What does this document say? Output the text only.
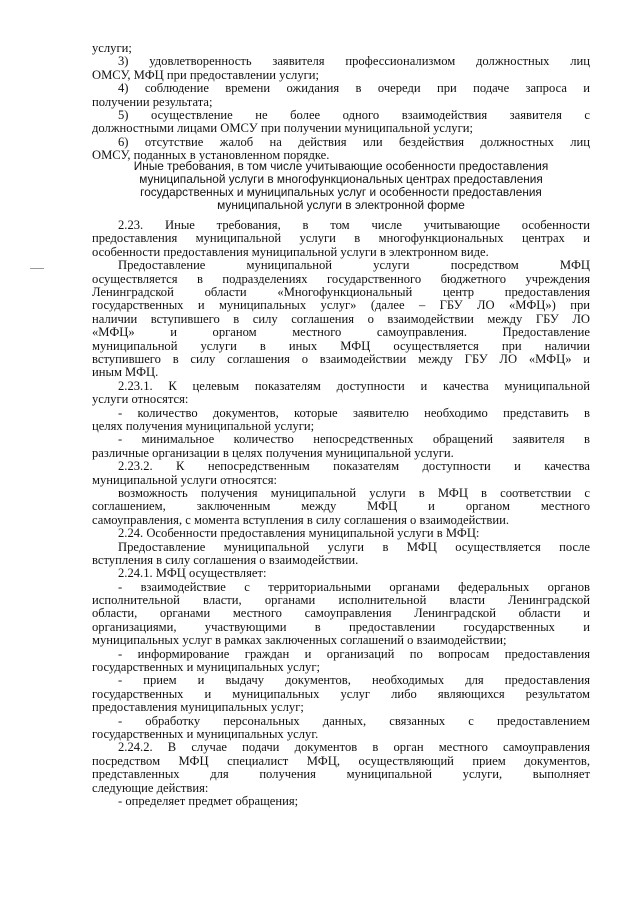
услуги;
3) удовлетворенность заявителя профессионализмом должностных лиц
ОМСУ, МФЦ при предоставлении услуги;
4) соблюдение времени ожидания в очереди при подаче запроса и
получении результата;
5) осуществление не более одного взаимодействия заявителя с
должностными лицами ОМСУ при получении муниципальной услуги;
6) отсутствие жалоб на действия или бездействия должностных лиц
ОМСУ, поданных в установленном порядке.
Иные требования, в том числе учитывающие особенности предоставления
муниципальной услуги в многофункциональных центрах предоставления
государственных и муниципальных услуг и особенности предоставления
муниципальной услуги в электронной форме
2.23. Иные требования, в том числе учитывающие особенности
предоставления муниципальной услуги в многофункциональных центрах и
особенности предоставления муниципальной услуги в электронном виде.
Предоставление муниципальной услуги посредством МФЦ
осуществляется в подразделениях государственного бюджетного учреждения
Ленинградской области «Многофункциональный центр предоставления
государственных и муниципальных услуг» (далее – ГБУ ЛО «МФЦ») при
наличии вступившего в силу соглашения о взаимодействии между ГБУ ЛО
«МФЦ» и органом местного самоуправления. Предоставление
муниципальной услуги в иных МФЦ осуществляется при наличии
вступившего в силу соглашения о взаимодействии между ГБУ ЛО «МФЦ» и
иным МФЦ.
2.23.1. К целевым показателям доступности и качества муниципальной
услуги относятся:
- количество документов, которые заявителю необходимо представить в
целях получения муниципальной услуги;
- минимальное количество непосредственных обращений заявителя в
различные организации в целях получения муниципальной услуги.
2.23.2. К непосредственным показателям доступности и качества
муниципальной услуги относятся:
возможность получения муниципальной услуги в МФЦ в соответствии с
соглашением, заключенным между МФЦ и органом местного
самоуправления, с момента вступления в силу соглашения о взаимодействии.
2.24. Особенности предоставления муниципальной услуги в МФЦ:
Предоставление муниципальной услуги в МФЦ осуществляется после
вступления в силу соглашения о взаимодействии.
2.24.1. МФЦ осуществляет:
- взаимодействие с территориальными органами федеральных органов
исполнительной власти, органами исполнительной власти Ленинградской
области, органами местного самоуправления Ленинградской области и
организациями, участвующими в предоставлении государственных и
муниципальных услуг в рамках заключенных соглашений о взаимодействии;
- информирование граждан и организаций по вопросам предоставления
государственных и муниципальных услуг;
- прием и выдачу документов, необходимых для предоставления
государственных и муниципальных услуг либо являющихся результатом
предоставления муниципальных услуг;
- обработку персональных данных, связанных с предоставлением
государственных и муниципальных услуг.
2.24.2. В случае подачи документов в орган местного самоуправления
посредством МФЦ специалист МФЦ, осуществляющий прием документов,
представленных для получения муниципальной услуги, выполняет
следующие действия:
- определяет предмет обращения;
